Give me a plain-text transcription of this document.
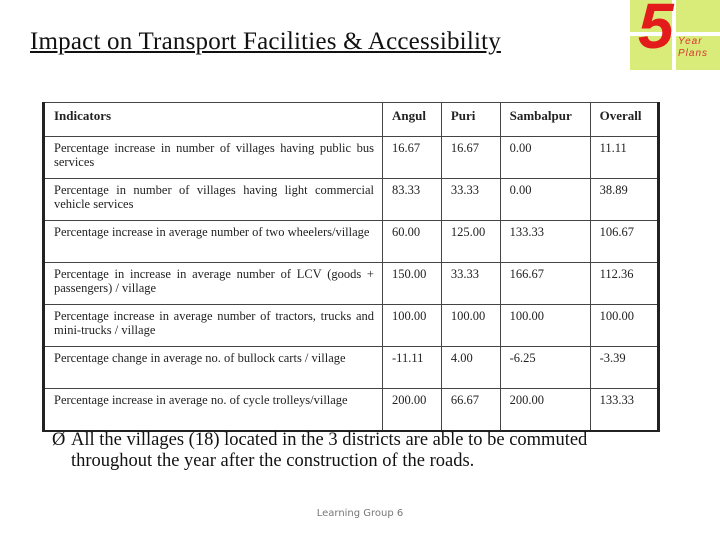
Impact on Transport Facilities & Accessibility 5 Year
Plans
Indicators	Angul	Puri	Sambalpur	Overall
Percentage increase in number of villages having public bus services	16.67	16.67	0.00	11.11
Percentage in number of villages having light commercial vehicle services	83.33	33.33	0.00	38.89
Percentage increase in average number of two wheelers/village	60.00	125.00	133.33	106.67
Percentage in increase in average number of LCV (goods + passengers) / village	150.00	33.33	166.67	112.36
Percentage increase in average number of tractors, trucks and mini-trucks / village	100.00	100.00	100.00	100.00
Percentage change in average no. of bullock carts / village	-11.11	4.00	-6.25	-3.39
Percentage increase in average no. of cycle trolleys/village	200.00	66.67	200.00	133.33
Ø All the villages (18) located in the 3 districts are able to be commuted throughout the year after the construction of the roads.
Learning Group 6
